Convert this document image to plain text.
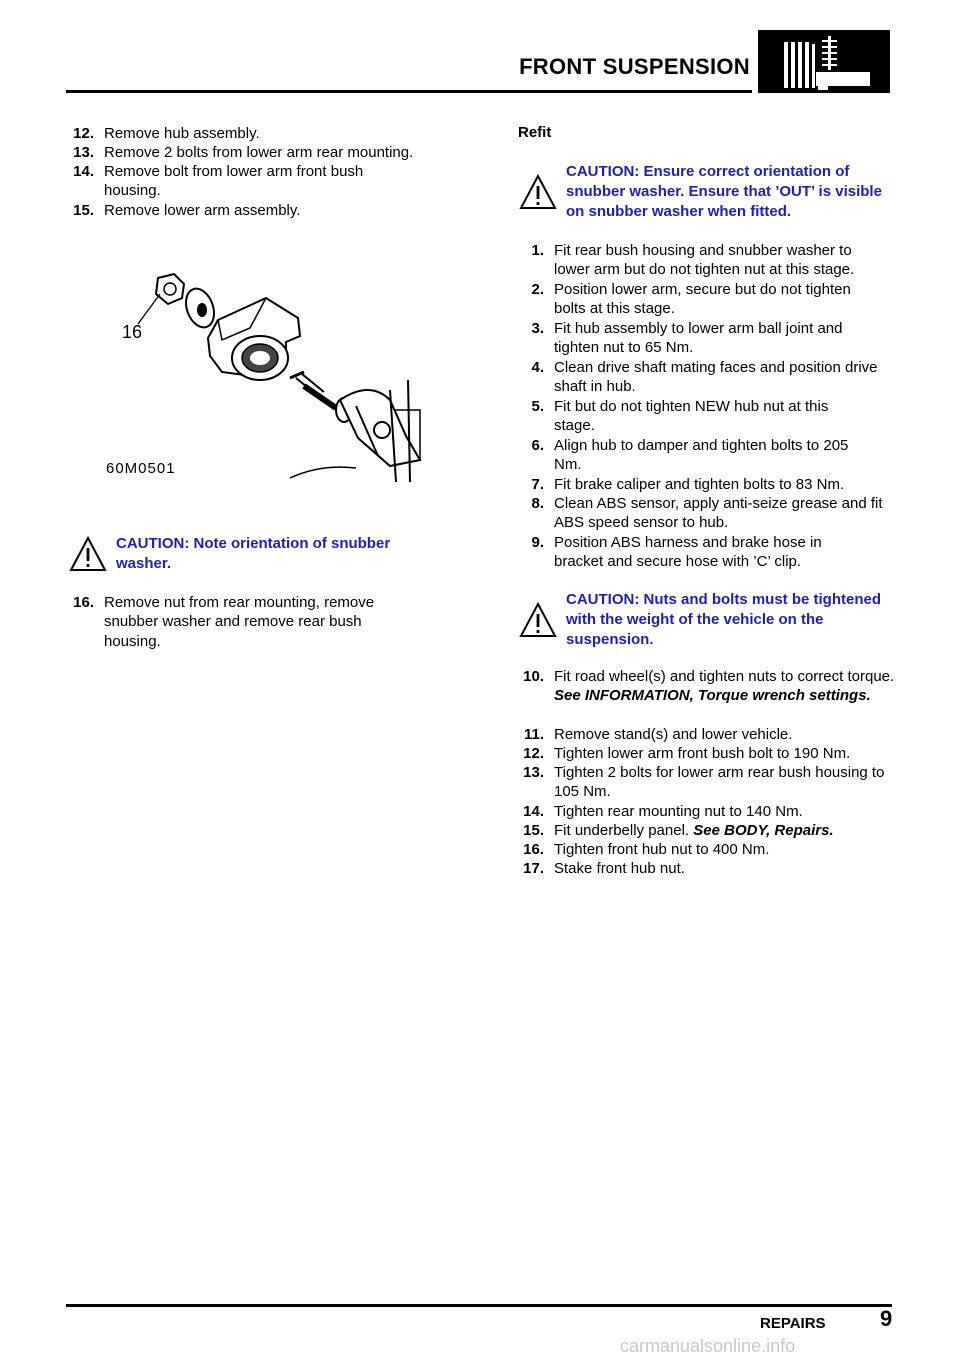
FRONT SUSPENSION
12. Remove hub assembly.
13. Remove 2 bolts from lower arm rear mounting.
14. Remove bolt from lower arm front bush housing.
15. Remove lower arm assembly.
16
60M0501
CAUTION: Note orientation of snubber washer.
16. Remove nut from rear mounting, remove snubber washer and remove rear bush housing.
Refit
CAUTION: Ensure correct orientation of snubber washer. Ensure that ’OUT’ is visible on snubber washer when fitted.
1. Fit rear bush housing and snubber washer to lower arm but do not tighten nut at this stage.
2. Position lower arm, secure but do not tighten bolts at this stage.
3. Fit hub assembly to lower arm ball joint and tighten nut to 65 Nm.
4. Clean drive shaft mating faces and position drive shaft in hub.
5. Fit but do not tighten NEW hub nut at this stage.
6. Align hub to damper and tighten bolts to 205 Nm.
7. Fit brake caliper and tighten bolts to 83 Nm.
8. Clean ABS sensor, apply anti-seize grease and fit ABS speed sensor to hub.
9. Position ABS harness and brake hose in bracket and secure hose with ’C’ clip.
CAUTION: Nuts and bolts must be tightened with the weight of the vehicle on the suspension.
10. Fit road wheel(s) and tighten nuts to correct torque. See INFORMATION, Torque wrench settings.
11. Remove stand(s) and lower vehicle.
12. Tighten lower arm front bush bolt to 190 Nm.
13. Tighten 2 bolts for lower arm rear bush housing to 105 Nm.
14. Tighten rear mounting nut to 140 Nm.
15. Fit underbelly panel. See BODY, Repairs.
16. Tighten front hub nut to 400 Nm.
17. Stake front hub nut.
REPAIRS 9
carmanualsonline.info
